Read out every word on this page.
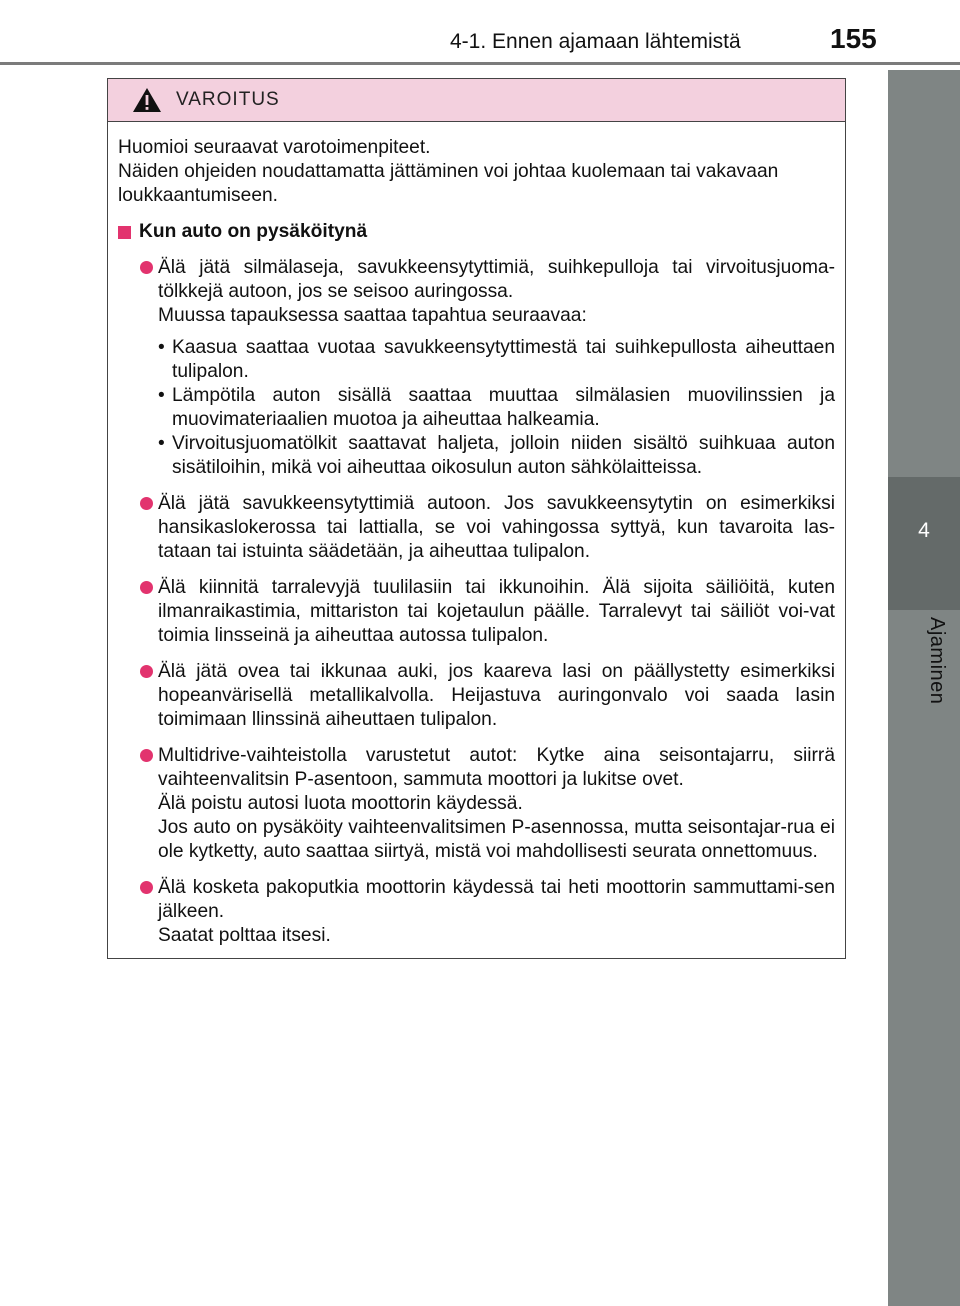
4-1. Ennen ajamaan lähtemistä	155
4
Ajaminen
VAROITUS

Huomioi seuraavat varotoimenpiteet.

Näiden ohjeiden noudattamatta jättäminen voi johtaa kuolemaan tai vakavaan loukkaantumiseen.

Kun auto on pysäköitynä

Älä jätä silmälaseja, savukkeensytyttimiä, suihkepulloja tai virvoitusjuoma-tölkkejä autoon, jos se seisoo auringossa.

Muussa tapauksessa saattaa tapahtua seuraavaa:

• Kaasua saattaa vuotaa savukkeensytyttimestä tai suihkepullosta aiheuttaen tulipalon.
• Lämpötila auton sisällä saattaa muuttaa silmälasien muovilinssien ja muovimateriaalien muotoa ja aiheuttaa halkeamia.
• Virvoitusjuomatölkit saattavat haljeta, jolloin niiden sisältö suihkuaa auton sisätiloihin, mikä voi aiheuttaa oikosulun auton sähkölaitteissa.

Älä jätä savukkeensytyttimiä autoon. Jos savukkeensytytin on esimerkiksi hansikaslokerossa tai lattialla, se voi vahingossa syttyä, kun tavaroita las-tataan tai istuinta säädetään, ja aiheuttaa tulipalon.

Älä kiinnitä tarralevyjä tuulilasiin tai ikkunoihin. Älä sijoita säiliöitä, kuten ilmanraikastimia, mittariston tai kojetaulun päälle. Tarralevyt tai säiliöt voi-vat toimia linsseinä ja aiheuttaa autossa tulipalon.

Älä jätä ovea tai ikkunaa auki, jos kaareva lasi on päällystetty esimerkiksi hopeanvärisellä metallikalvolla. Heijastuva auringonvalo voi saada lasin toimimaan llinssinä aiheuttaen tulipalon.

Multidrive-vaihteistolla varustetut autot: Kytke aina seisontajarru, siirrä vaihteenvalitsin P-asentoon, sammuta moottori ja lukitse ovet.

Älä poistu autosi luota moottorin käydessä.

Jos auto on pysäköity vaihteenvalitsimen P-asennossa, mutta seisontajar-rua ei ole kytketty, auto saattaa siirtyä, mistä voi mahdollisesti seurata onnettomuus.

Älä kosketa pakoputkia moottorin käydessä tai heti moottorin sammuttami-sen jälkeen.

Saatat polttaa itsesi.
